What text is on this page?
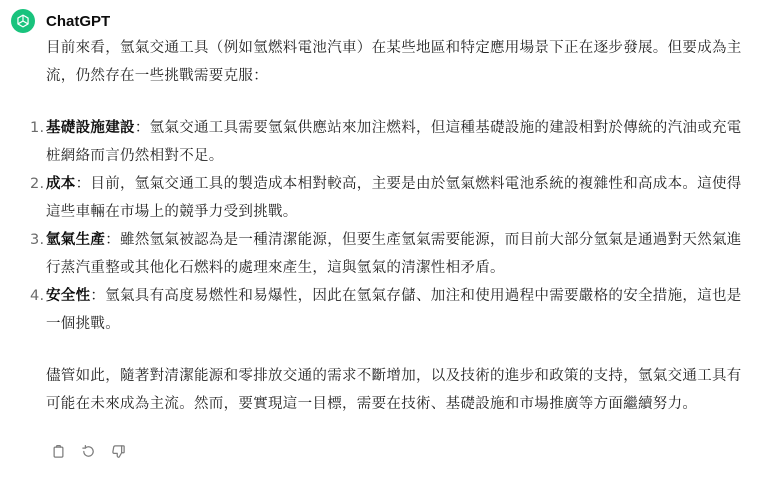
ChatGPT

目前來看，氫氣交通工具（例如氫燃料電池汽車）在某些地區和特定應用場景下正在逐步發展。但要成為主流，仍然存在一些挑戰需要克服：

1. 基礎設施建設：氫氣交通工具需要氫氣供應站來加注燃料，但這種基礎設施的建設相對於傳統的汽油或充電桩網絡而言仍然相對不足。
2. 成本：目前，氫氣交通工具的製造成本相對較高，主要是由於氫氣燃料電池系統的複雜性和高成本。這使得這些車輛在市場上的競爭力受到挑戰。
3. 氫氣生產：雖然氫氣被認為是一種清潔能源，但要生產氫氣需要能源，而目前大部分氫氣是通過對天然氣進行蒸汽重整或其他化石燃料的處理來產生，這與氫氣的清潔性相矛盾。
4. 安全性：氫氣具有高度易燃性和易爆性，因此在氫氣存儲、加注和使用過程中需要嚴格的安全措施，這也是一個挑戰。

儘管如此，隨著對清潔能源和零排放交通的需求不斷增加，以及技術的進步和政策的支持，氫氣交通工具有可能在未來成為主流。然而，要實現這一目標，需要在技術、基礎設施和市場推廣等方面繼續努力。
